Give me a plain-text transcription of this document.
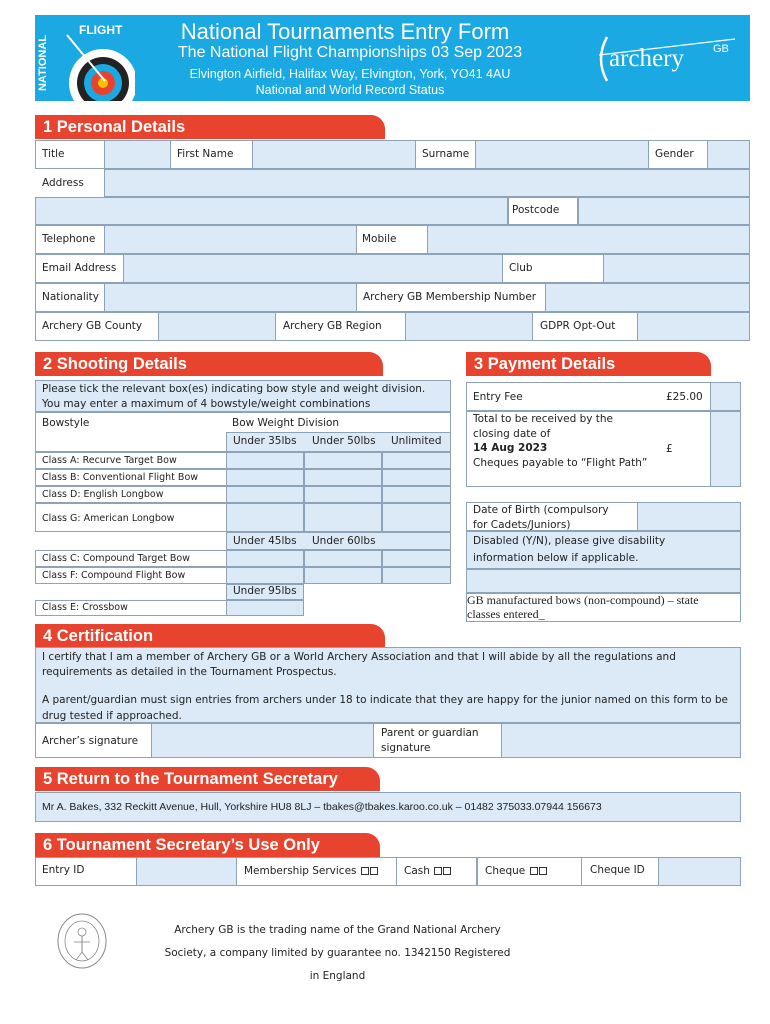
FLIGHT
NATIONAL
National Tournaments Entry Form
The National Flight Championships 03 Sep 2023
Elvington Airfield, Halifax Way, Elvington, York, YO41 4AU
National and World Record Status
archery	GB
1 Personal Details
Title	First Name	Surname	Gender
Address
Postcode
Telephone	Mobile
Email Address	Club
Nationality	Archery GB Membership Number
Archery GB County	Archery GB Region	GDPR Opt-Out
2 Shooting Details
Please tick the relevant box(es) indicating bow style and weight division.
You may enter a maximum of 4 bowstyle/weight combinations
Bowstyle	Bow Weight Division
Under 35lbs Under 50lbs Unlimited
Class A: Recurve Target Bow
Class B: Conventional Flight Bow
Class D: English Longbow
Class G: American Longbow
Under 45lbs Under 60lbs
Class C: Compound Target Bow
Class F: Compound Flight Bow
Under 95lbs
Class E: Crossbow
3 Payment Details
Entry Fee	£25.00
Total to be received by the
closing date of
14 Aug 2023
Cheques payable to “Flight Path”
£
Date of Birth (compulsory
for Cadets/Juniors)
Disabled (Y/N), please give disability
information below if applicable.
GB manufactured bows (non-compound) – state
classes entered_
4 Certification
I certify that I am a member of Archery GB or a World Archery Association and that I will abide by all the regulations and
requirements as detailed in the Tournament Prospectus.
A parent/guardian must sign entries from archers under 18 to indicate that they are happy for the junior named on this form to be
drug tested if approached.
Archer’s signature
Parent or guardian
signature
5 Return to the Tournament Secretary
Mr A. Bakes, 332 Reckitt Avenue, Hull, Yorkshire HU8 8LJ – tbakes@tbakes.karoo.co.uk – 01482 375033.07944 156673
6 Tournament Secretary’s Use Only
Entry ID	Membership Services	Cash	Cheque	Cheque ID
Archery GB is the trading name of the Grand National Archery
Society, a company limited by guarantee no. 1342150 Registered
in England
